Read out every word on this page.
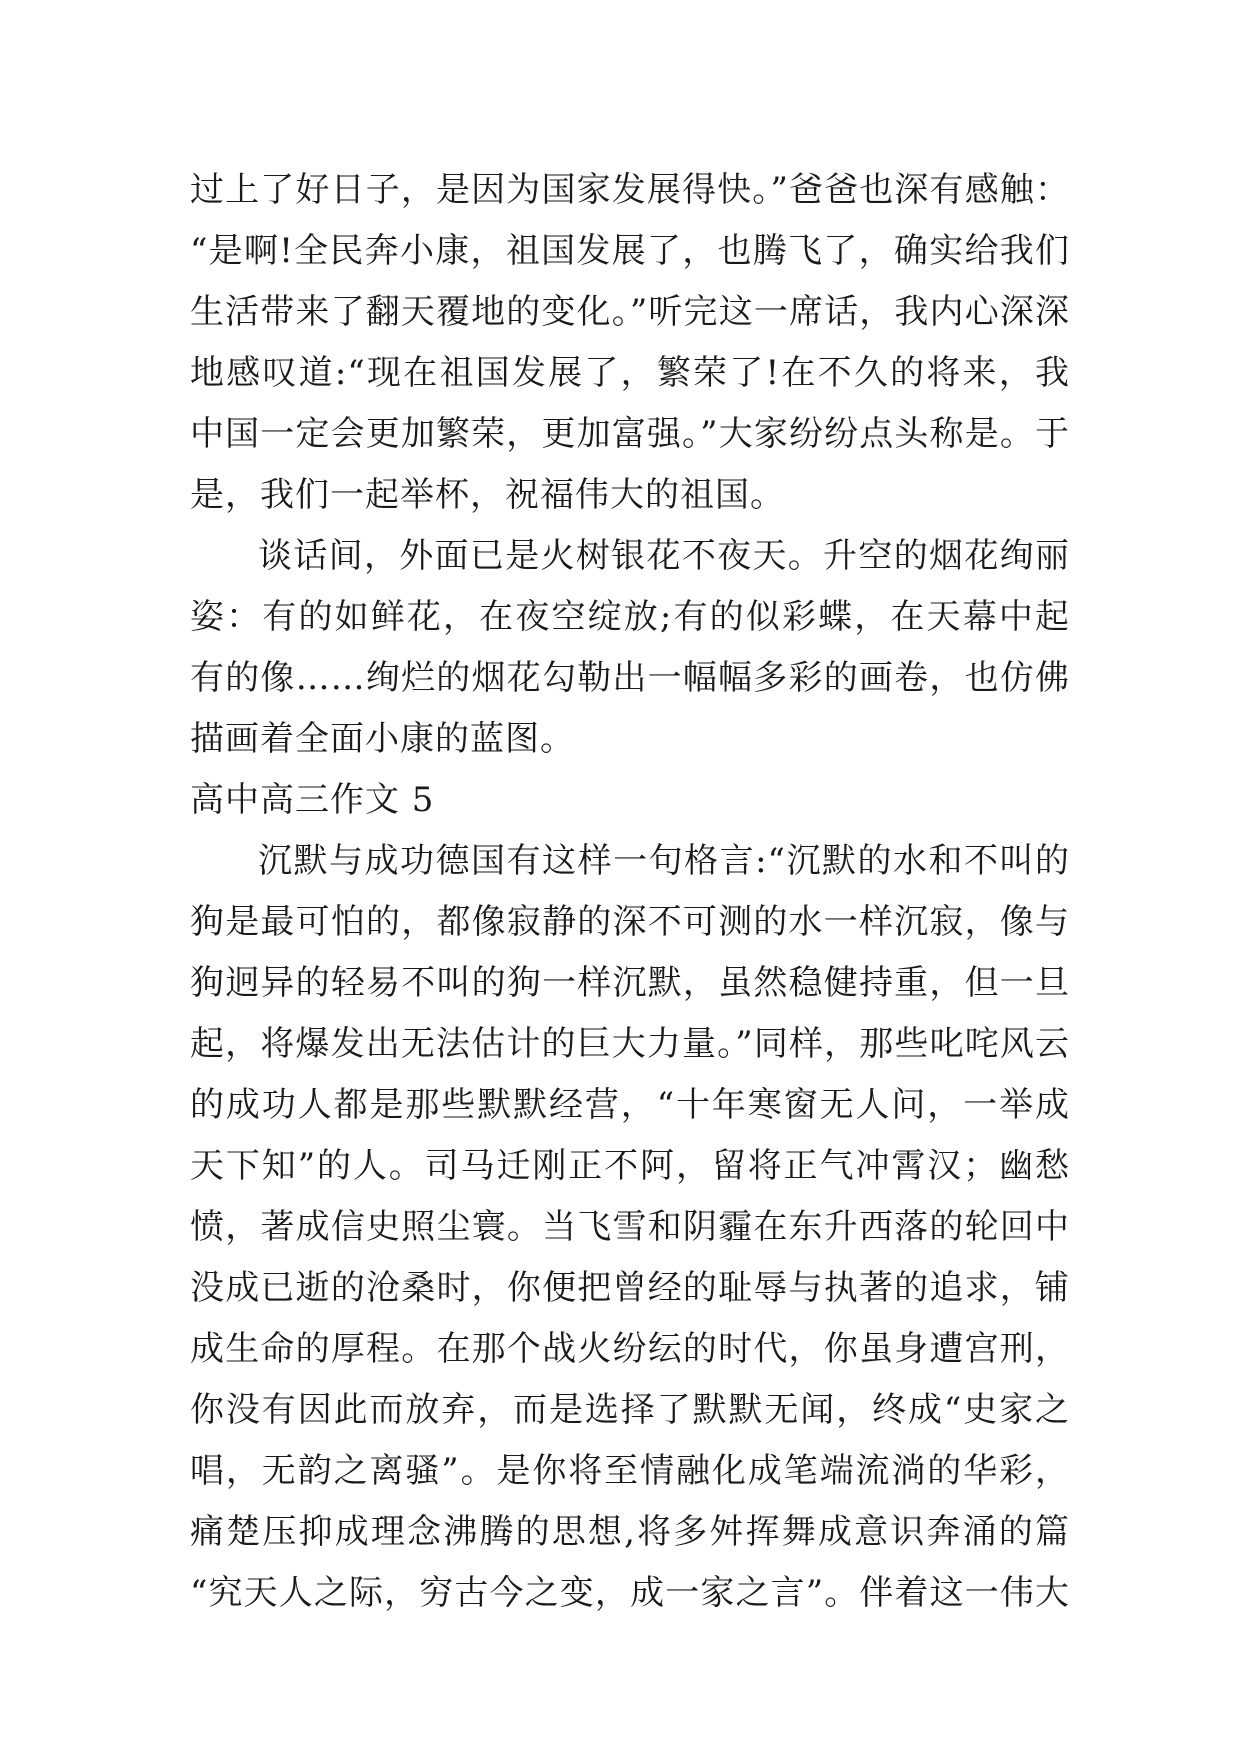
过上了好日子，是因为国家发展得快。”爸爸也深有感触：
“是啊!全民奔小康，祖国发展了，也腾飞了，确实给我们
生活带来了翻天覆地的变化。”听完这一席话，我内心深深
地感叹道:“现在祖国发展了，繁荣了!在不久的将来，我
中国一定会更加繁荣，更加富强。”大家纷纷点头称是。于
是，我们一起举杯，祝福伟大的祖国。
谈话间，外面已是火树银花不夜天。升空的烟花绚丽
姿：有的如鲜花，在夜空绽放;有的似彩蝶，在天幕中起
有的像……绚烂的烟花勾勒出一幅幅多彩的画卷，也仿佛
描画着全面小康的蓝图。
高中高三作文 5
沉默与成功德国有这样一句格言:“沉默的水和不叫的
狗是最可怕的，都像寂静的深不可测的水一样沉寂，像与
狗迥异的轻易不叫的狗一样沉默，虽然稳健持重，但一旦
起，将爆发出无法估计的巨大力量。”同样，那些叱咤风云
的成功人都是那些默默经营，“十年寒窗无人问，一举成
天下知”的人。司马迁刚正不阿，留将正气冲霄汉；幽愁
愤，著成信史照尘寰。当飞雪和阴霾在东升西落的轮回中
没成已逝的沧桑时，你便把曾经的耻辱与执著的追求，铺
成生命的厚程。在那个战火纷纭的时代，你虽身遭宫刑，
你没有因此而放弃，而是选择了默默无闻，终成“史家之
唱，无韵之离骚”。是你将至情融化成笔端流淌的华彩，
痛楚压抑成理念沸腾的思想,将多舛挥舞成意识奔涌的篇
“究天人之际，穷古今之变，成一家之言”。伴着这一伟大
